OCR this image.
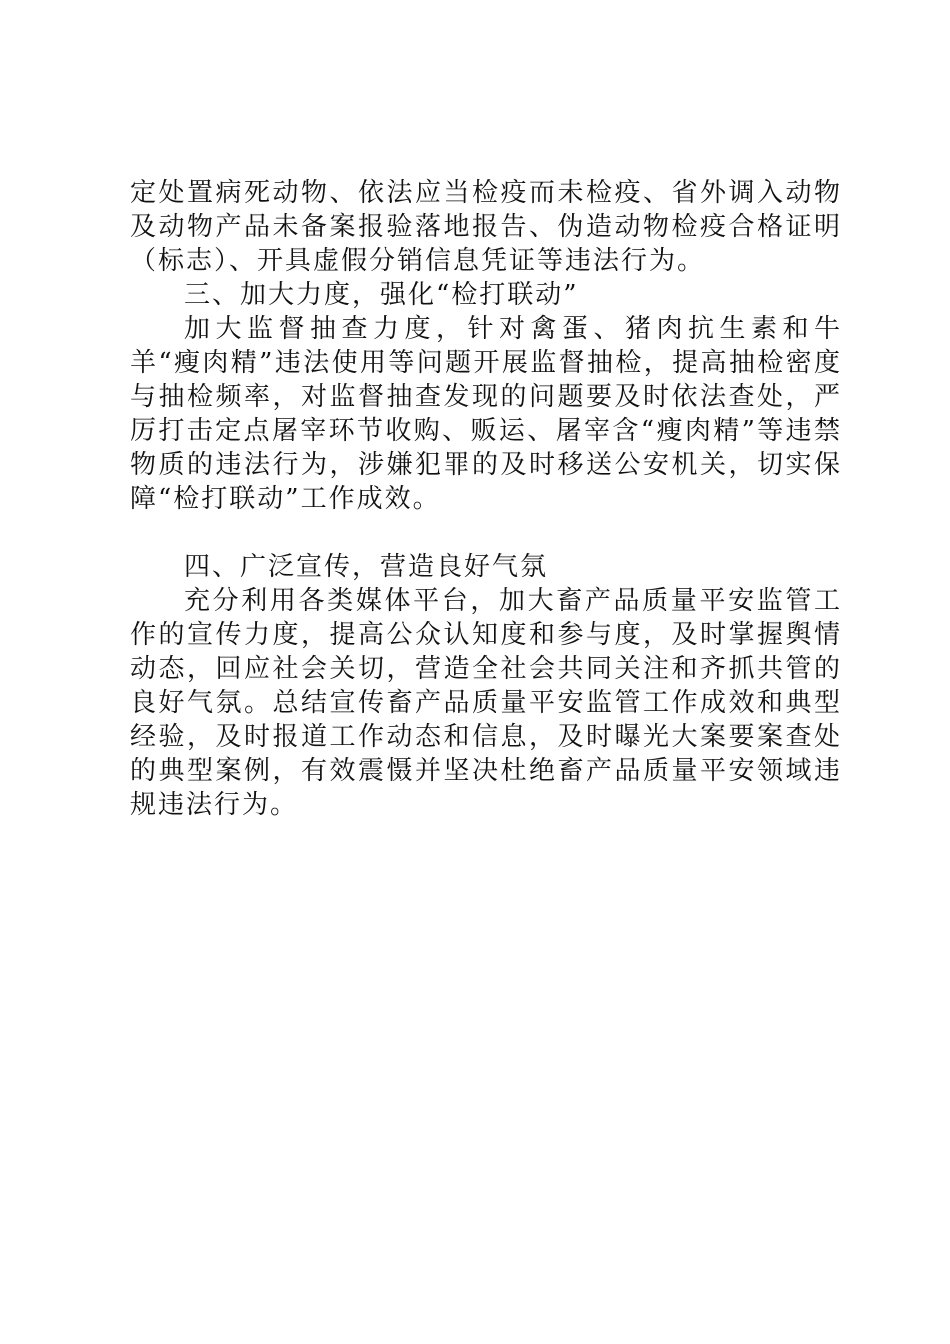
定处置病死动物、依法应当检疫而未检疫、省外调入动物及动物产品未备案报验落地报告、伪造动物检疫合格证明（标志）、开具虚假分销信息凭证等违法行为。

三、加大力度，强化“检打联动”

加大监督抽查力度，针对禽蛋、猪肉抗生素和牛羊“瘦肉精”违法使用等问题开展监督抽检，提高抽检密度与抽检频率，对监督抽查发现的问题要及时依法查处，严厉打击定点屠宰环节收购、贩运、屠宰含“瘦肉精”等违禁物质的违法行为，涉嫌犯罪的及时移送公安机关，切实保障“检打联动”工作成效。

四、广泛宣传，营造良好气氛

充分利用各类媒体平台，加大畜产品质量平安监管工作的宣传力度，提高公众认知度和参与度，及时掌握舆情动态，回应社会关切，营造全社会共同关注和齐抓共管的良好气氛。总结宣传畜产品质量平安监管工作成效和典型经验，及时报道工作动态和信息，及时曝光大案要案查处的典型案例，有效震慑并坚决杜绝畜产品质量平安领域违规违法行为。
